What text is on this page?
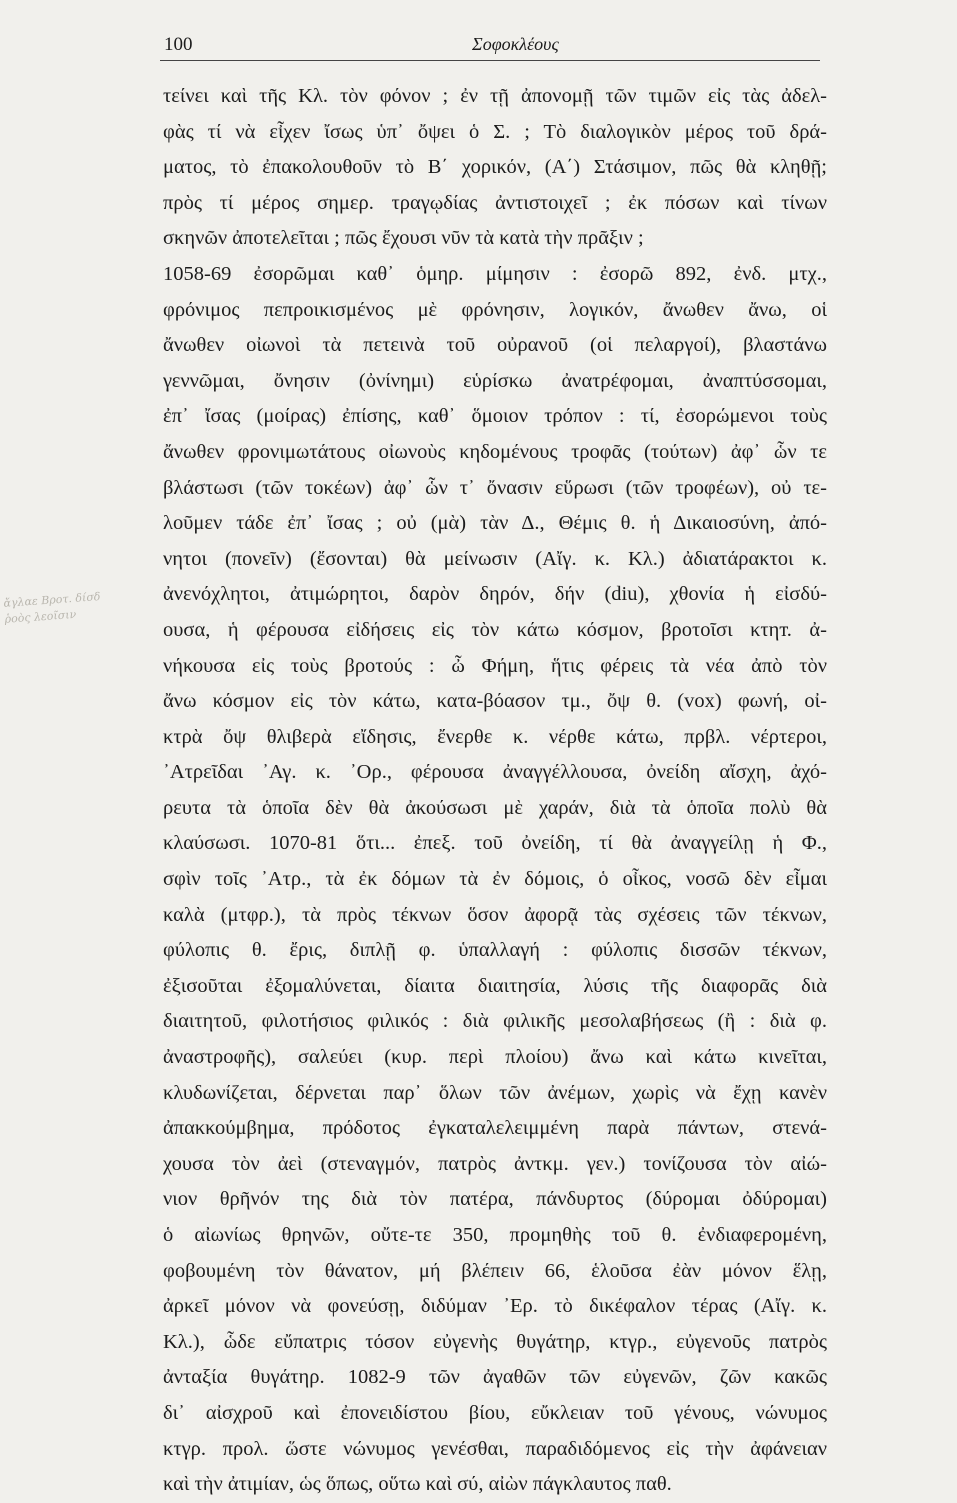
100	Σοφοκλέους
ἄγλαε Βροτ. δίσδ ῥοὸς λεοῖσιν
τείνει καὶ τῆς Κλ. τὸν φόνον ; ἐν τῇ ἀπονομῇ τῶν τιμῶν εἰς τὰς ἀδελ-
φὰς τί νὰ εἶχεν ἴσως ὑπ᾿ ὄψει ὁ Σ. ; Τὸ διαλογικὸν μέρος τοῦ δρά-
ματος, τὸ ἐπακολουθοῦν τὸ Β΄ χορικόν, (Α΄) Στάσιμον, πῶς θὰ κληθῇ;
πρὸς τί μέρος σημερ. τραγῳδίας ἀντιστοιχεῖ ; ἐκ πόσων καὶ τίνων
σκηνῶν ἀποτελεῖται ; πῶς ἔχουσι νῦν τὰ κατὰ τὴν πρᾶξιν ;
1058-69 ἐσορῶμαι καθ᾿ ὁμηρ. μίμησιν : ἐσορῶ 892, ἐνδ. μτχ.,
φρόνιμος πεπροικισμένος μὲ φρόνησιν, λογικόν, ἄνωθεν ἄνω, οἱ
ἄνωθεν οἰωνοὶ τὰ πετεινὰ τοῦ οὐρανοῦ (οἱ πελαργοί), βλαστάνω
γεννῶμαι, ὄνησιν (ὀνίνημι) εὑρίσκω ἀνατρέφομαι, ἀναπτύσσομαι,
ἐπ᾿ ἴσας (μοίρας) ἐπίσης, καθ᾿ ὅμοιον τρόπον : τί, ἐσορώμενοι τοὺς
ἄνωθεν φρονιμωτάτους οἰωνοὺς κηδομένους τροφᾶς (τούτων) ἀφ᾿ ὧν τε
βλάστωσι (τῶν τοκέων) ἀφ᾿ ὧν τ᾿ ὄνασιν εὕρωσι (τῶν τροφέων), οὐ τε-
λοῦμεν τάδε ἐπ᾿ ἴσας ; οὐ (μὰ) τὰν Δ., Θέμις θ. ἡ Δικαιοσύνη, ἀπό-
νητοι (πονεῖν) (ἔσονται) θὰ μείνωσιν (Αἴγ. κ. Κλ.) ἀδιατάρακτοι κ.
ἀνενόχλητοι, ἀτιμώρητοι, δαρὸν δηρόν, δήν (diu), χθονία ἡ εἰσδύ-
ουσα, ἡ φέρουσα εἰδήσεις εἰς τὸν κάτω κόσμον, βροτοῖσι κτηт. ἀ-
νήκουσα εἰς τοὺς βροτούς : ὦ Φήμη, ἥτις φέρεις τὰ νέα ἀπὸ τὸν
ἄνω κόσμον εἰς τὸν κάτω, κατα-βόασον τμ., ὄψ θ. (vox) φωνή, οἰ-
κτρὰ ὄψ θλιβερὰ εἴδησις, ἔνερθε κ. νέρθε κάτω, πρβλ. νέρτεροι,
᾿Ατρεῖδαι ᾿Αγ. κ. ᾿Ορ., φέρουσα ἀναγγέλλουσα, ὀνείδη αἴσχη, ἀχό-
ρευτα τὰ ὁποῖα δὲν θὰ ἀκούσωσι μὲ χαράν, διὰ τὰ ὁποῖα πολὺ θὰ
κλαύσωσι. 1070-81 ὅτι... ἐπεξ. τοῦ ὀνείδη, τί θὰ ἀναγγείλῃ ἡ Φ.,
σφὶν τοῖς ᾿Ατρ., τὰ ἐκ δόμων τὰ ἐν δόμοις, ὁ οἶκος, νοσῶ δὲν εἶμαι
καλὰ (μτφρ.), τὰ πρὸς τέκνων ὅσον ἀφορᾷ τὰς σχέσεις τῶν τέκνων,
φύλοπις θ. ἔρις, διπλῇ φ. ὑπαλλαγή : φύλοπις δισσῶν τέκνων,
ἐξισοῦται ἐξομαλύνεται, δίαιτα διαιτησία, λύσις τῆς διαφορᾶς διὰ
διαιτητοῦ, φιλοτήσιος φιλικός : διὰ φιλικῆς μεσολαβήσεως (ἢ : διὰ φ.
ἀναστροφῆς), σαλεύει (κυρ. περὶ πλοίου) ἄνω καὶ κάτω κινεῖται,
κλυδωνίζεται, δέρνεται παρ᾿ ὅλων τῶν ἀνέμων, χωρὶς νὰ ἔχῃ κανὲν
ἀπακκούμβημα, πρόδοτος ἐγκαταλελειμμένη παρὰ πάντων, στενά-
χουσα τὸν ἀεὶ (στεναγμόν, πατρὸς ἀντκμ. γεν.) τονίζουσα τὸν αἰώ-
νιον θρῆνόν της διὰ τὸν πατέρα, πάνδυρτος (δύρομαι ὀδύρομαι)
ὁ αἰωνίως θρηνῶν, οὔτε-τε 350, προμηθὴς τοῦ θ. ἐνδιαφερομένη,
φοβουμένη τὸν θάνατον, μή βλέπειν 66, ἑλοῦσα ἐὰν μόνον ἕλῃ,
ἀρκεῖ μόνον νὰ φονεύσῃ, διδύμαν ᾿Ερ. τὸ δικέφαλον τέρας (Αἴγ. κ.
Κλ.), ὧδε εὔπατρις τόσον εὐγενὴς θυγάτηρ, κτγρ., εὐγενοῦς πατρὸς
ἀνταξία θυγάτηρ. 1082-9 τῶν ἀγαθῶν τῶν εὐγενῶν, ζῶν κακῶς
δι᾿ αἰσχροῦ καὶ ἐπονειδίστου βίου, εὔκλειαν τοῦ γένους, νώνυμος
κτγρ. προλ. ὥστε νώνυμος γενέσθαι, παραδιδόμενος εἰς τὴν ἀφάνειαν
καὶ τὴν ἀτιμίαν, ὡς ὅπως, οὕτω καὶ σύ, αἰὼν πάγκλαυτος παθ.
